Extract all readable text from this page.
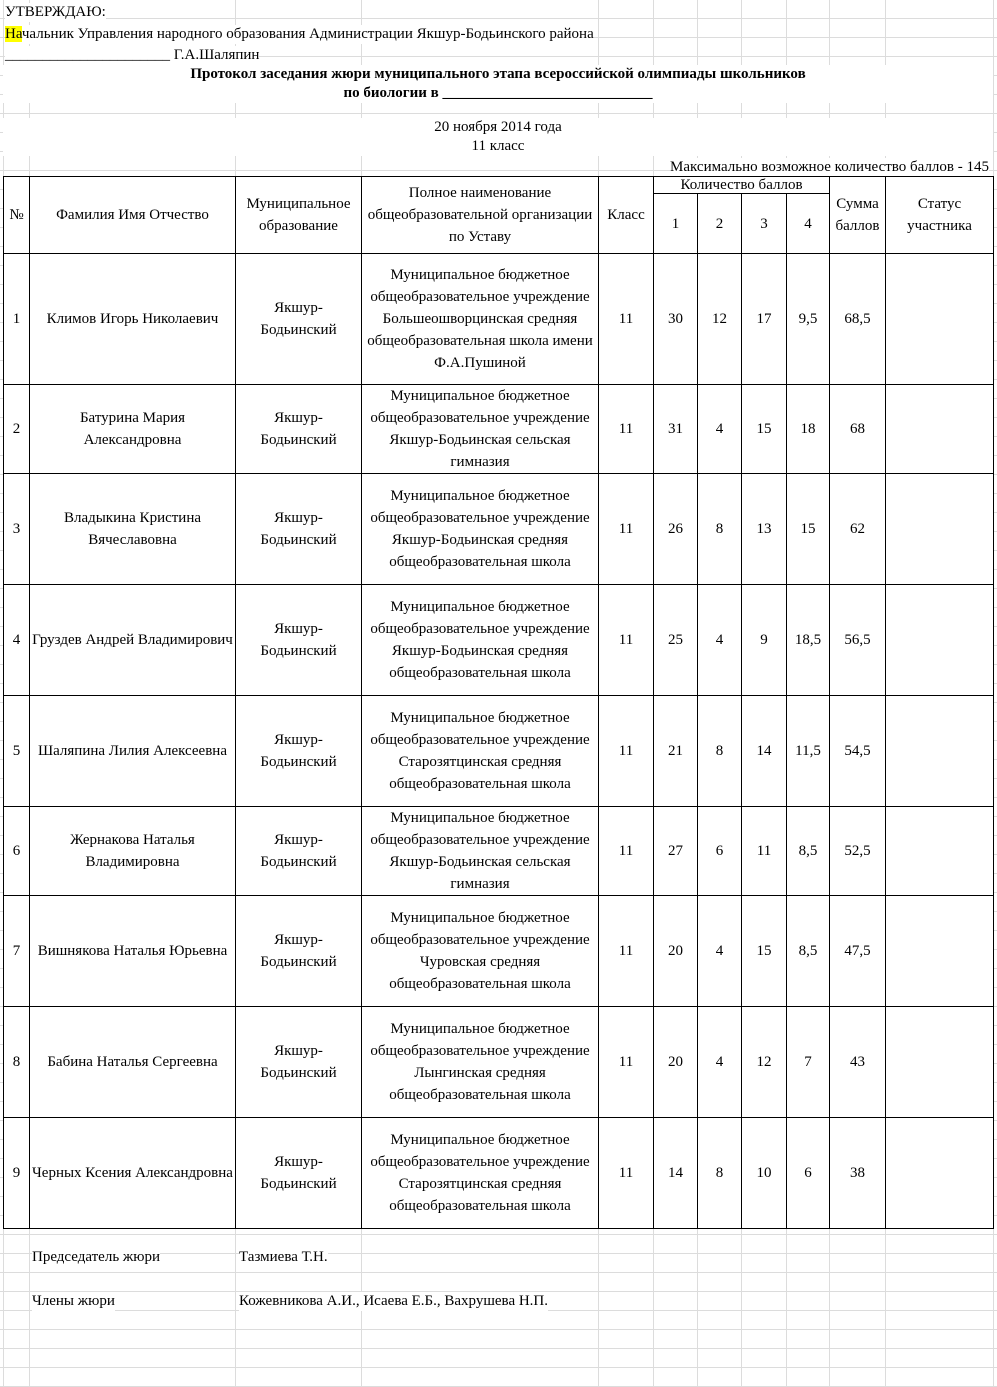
УТВЕРЖДАЮ:
Начальник Управления народного образования Администрации Якшур-Бодьинского района
______________________ Г.А.Шаляпин
Протокол заседания жюри муниципального этапа всероссийской олимпиады школьников
по биологии в ____________________________
20 ноября 2014 года
11 класс
Максимально возможное количество баллов - 145
№	Фамилия Имя Отчество	Муниципальное образование	Полное наименование общеобразовательной организации по Уставу	Класс	Количество баллов				Сумма баллов	Статус участника
					1	2	3	4		
1	Климов Игорь Николаевич	Якшур-Бодьинский	Муниципальное бюджетное общеобразовательное учреждение Большеошворцинская средняя общеобразовательная школа имени Ф.А.Пушиной	11	30	12	17	9,5	68,5	
2	Батурина Мария Александровна	Якшур-Бодьинский	Муниципальное бюджетное общеобразовательное учреждение Якшур-Бодьинская сельская гимназия	11	31	4	15	18	68	
3	Владыкина Кристина Вячеславовна	Якшур-Бодьинский	Муниципальное бюджетное общеобразовательное учреждение Якшур-Бодьинская средняя общеобразовательная школа	11	26	8	13	15	62	
4	Груздев Андрей Владимирович	Якшур-Бодьинский	Муниципальное бюджетное общеобразовательное учреждение Якшур-Бодьинская средняя общеобразовательная школа	11	25	4	9	18,5	56,5	
5	Шаляпина Лилия Алексеевна	Якшур-Бодьинский	Муниципальное бюджетное общеобразовательное учреждение Старозятцинская средняя общеобразовательная школа	11	21	8	14	11,5	54,5	
6	Жернакова Наталья Владимировна	Якшур-Бодьинский	Муниципальное бюджетное общеобразовательное учреждение Якшур-Бодьинская сельская гимназия	11	27	6	11	8,5	52,5	
7	Вишнякова Наталья Юрьевна	Якшур-Бодьинский	Муниципальное бюджетное общеобразовательное учреждение Чуровская средняя общеобразовательная школа	11	20	4	15	8,5	47,5	
8	Бабина Наталья Сергеевна	Якшур-Бодьинский	Муниципальное бюджетное общеобразовательное учреждение Лынгинская средняя общеобразовательная школа	11	20	4	12	7	43	
9	Черных Ксения Александровна	Якшур-Бодьинский	Муниципальное бюджетное общеобразовательное учреждение Старозятцинская средняя общеобразовательная школа	11	14	8	10	6	38	
Председатель жюри	Тазмиева Т.Н.
Члены жюри	Кожевникова А.И., Исаева Е.Б., Вахрушева Н.П.
